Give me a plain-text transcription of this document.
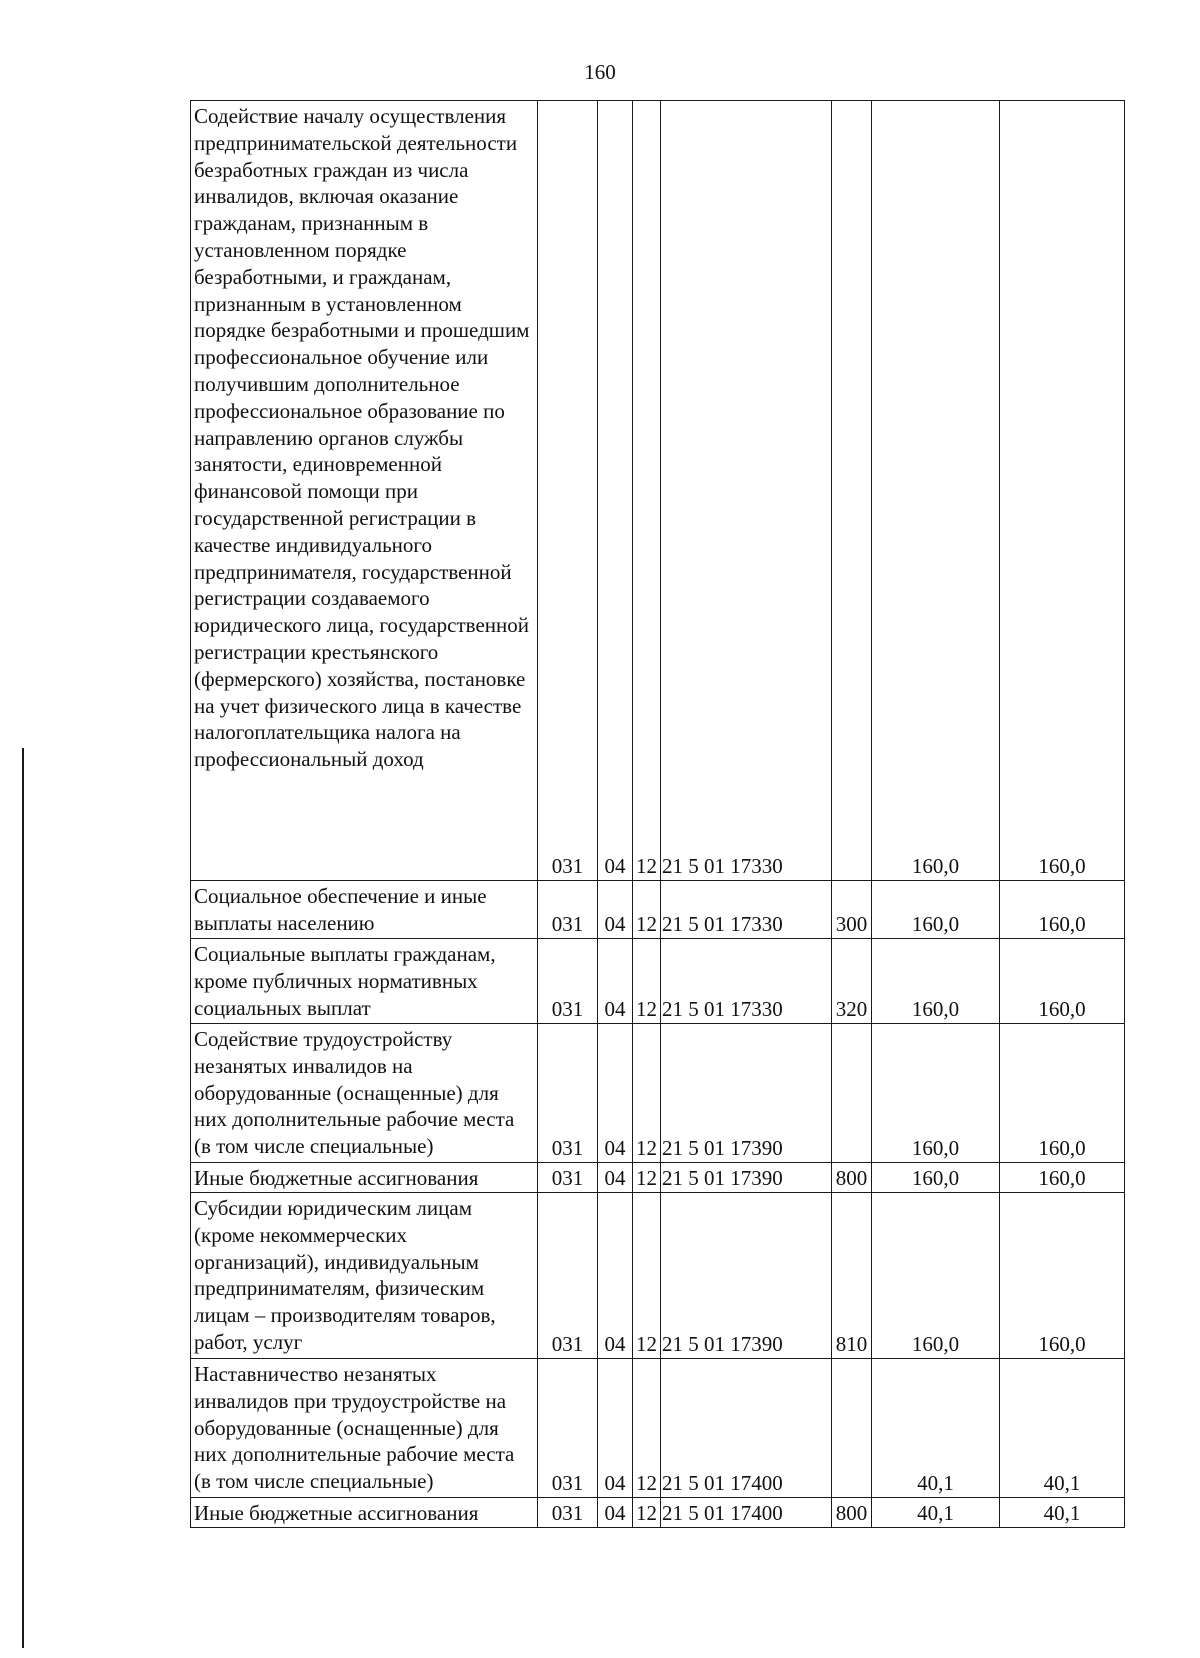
160
Содействие началу осуществления предпринимательской деятельности безработных граждан из числа инвалидов, включая оказание гражданам, признанным в установленном порядке безработными, и гражданам, признанным в установленном порядке безработными и прошедшим профессиональное обучение или получившим дополнительное профессиональное образование по направлению органов службы занятости, единовременной финансовой помощи при государственной регистрации в качестве индивидуального предпринимателя, государственной регистрации создаваемого юридического лица, государственной регистрации крестьянского (фермерского) хозяйства, постановке на учет физического лица в качестве налогоплательщика налога на профессиональный доход	031	04	12	21 5 01 17330		160,0	160,0
Социальное обеспечение и иные выплаты населению	031	04	12	21 5 01 17330	300	160,0	160,0
Социальные выплаты гражданам, кроме публичных нормативных социальных выплат	031	04	12	21 5 01 17330	320	160,0	160,0
Содействие трудоустройству незанятых инвалидов на оборудованные (оснащенные) для них дополнительные рабочие места (в том числе специальные)	031	04	12	21 5 01 17390		160,0	160,0
Иные бюджетные ассигнования	031	04	12	21 5 01 17390	800	160,0	160,0
Субсидии юридическим лицам (кроме некоммерческих организаций), индивидуальным предпринимателям, физическим лицам – производителям товаров, работ, услуг	031	04	12	21 5 01 17390	810	160,0	160,0
Наставничество незанятых инвалидов при трудоустройстве на оборудованные (оснащенные) для них дополнительные рабочие места (в том числе специальные)	031	04	12	21 5 01 17400		40,1	40,1
Иные бюджетные ассигнования	031	04	12	21 5 01 17400	800	40,1	40,1
